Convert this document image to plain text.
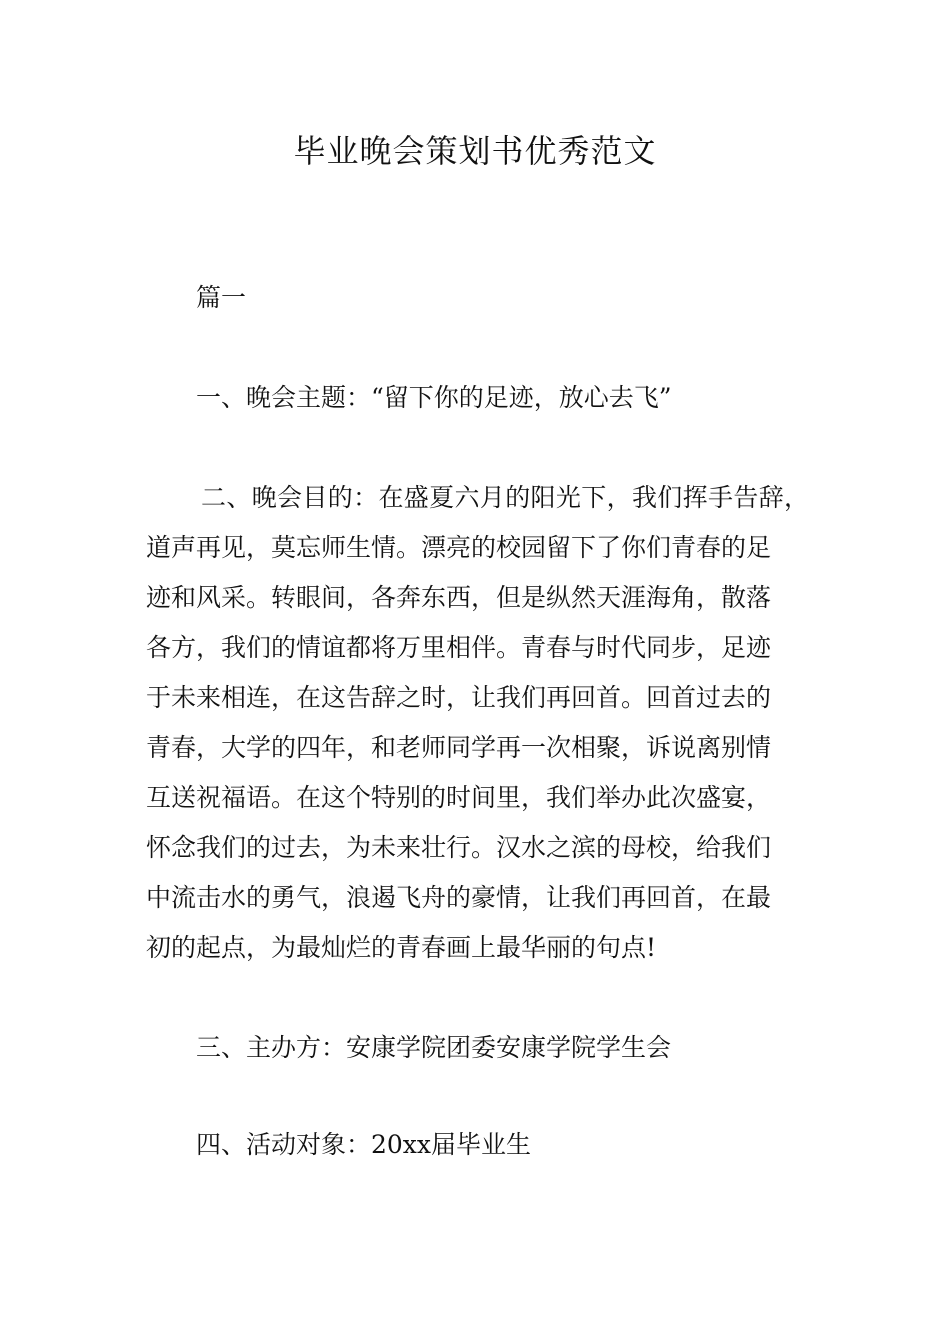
毕业晚会策划书优秀范文

篇一

一、晚会主题：“留下你的足迹，放心去飞”

二、晚会目的：在盛夏六月的阳光下，我们挥手告辞，
道声再见，莫忘师生情。漂亮的校园留下了你们青春的足
迹和风采。转眼间，各奔东西，但是纵然天涯海角，散落
各方，我们的情谊都将万里相伴。青春与时代同步，足迹
于未来相连，在这告辞之时，让我们再回首。回首过去的
青春，大学的四年，和老师同学再一次相聚，诉说离别情
互送祝福语。在这个特别的时间里，我们举办此次盛宴，
怀念我们的过去，为未来壮行。汉水之滨的母校，给我们
中流击水的勇气，浪遏飞舟的豪情，让我们再回首，在最
初的起点，为最灿烂的青春画上最华丽的句点!

三、主办方：安康学院团委安康学院学生会

四、活动对象：20xx届毕业生
